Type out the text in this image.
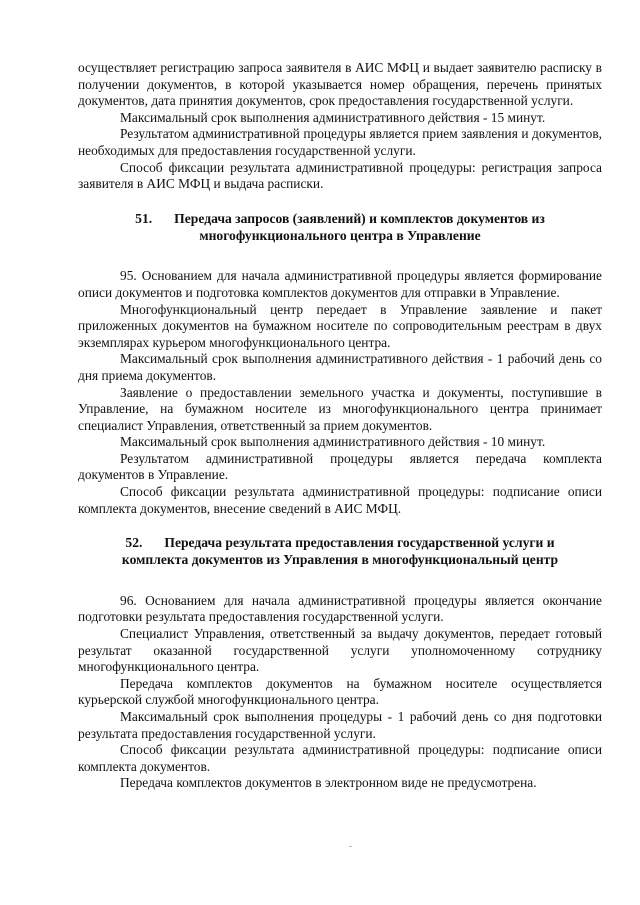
осуществляет регистрацию запроса заявителя в АИС МФЦ и выдает заявителю расписку в получении документов, в которой указывается номер обращения, перечень принятых документов, дата принятия документов, срок предоставления государственной услуги.

Максимальный срок выполнения административного действия - 15 минут.

Результатом административной процедуры является прием заявления и документов, необходимых для предоставления государственной услуги.

Способ фиксации результата административной процедуры: регистрация запроса заявителя в АИС МФЦ и выдача расписки.

51. Передача запросов (заявлений) и комплектов документов из
многофункционального центра в Управление

95. Основанием для начала административной процедуры является формирование описи документов и подготовка комплектов документов для отправки в Управление.

Многофункциональный центр передает в Управление заявление и пакет приложенных документов на бумажном носителе по сопроводительным реестрам в двух экземплярах курьером многофункционального центра.

Максимальный срок выполнения административного действия - 1 рабочий день со дня приема документов.

Заявление о предоставлении земельного участка и документы, поступившие в Управление, на бумажном носителе из многофункционального центра принимает специалист Управления, ответственный за прием документов.

Максимальный срок выполнения административного действия - 10 минут.

Результатом административной процедуры является передача комплекта документов в Управление.

Способ фиксации результата административной процедуры: подписание описи комплекта документов, внесение сведений в АИС МФЦ.

52. Передача результата предоставления государственной услуги и
комплекта документов из Управления в многофункциональный центр

96. Основанием для начала административной процедуры является окончание подготовки результата предоставления государственной услуги.

Специалист Управления, ответственный за выдачу документов, передает готовый результат оказанной государственной услуги уполномоченному сотруднику многофункционального центра.

Передача комплектов документов на бумажном носителе осуществляется курьерской службой многофункционального центра.

Максимальный срок выполнения процедуры - 1 рабочий день со дня подготовки результата предоставления государственной услуги.

Способ фиксации результата административной процедуры: подписание описи комплекта документов.

Передача комплектов документов в электронном виде не предусмотрена.
